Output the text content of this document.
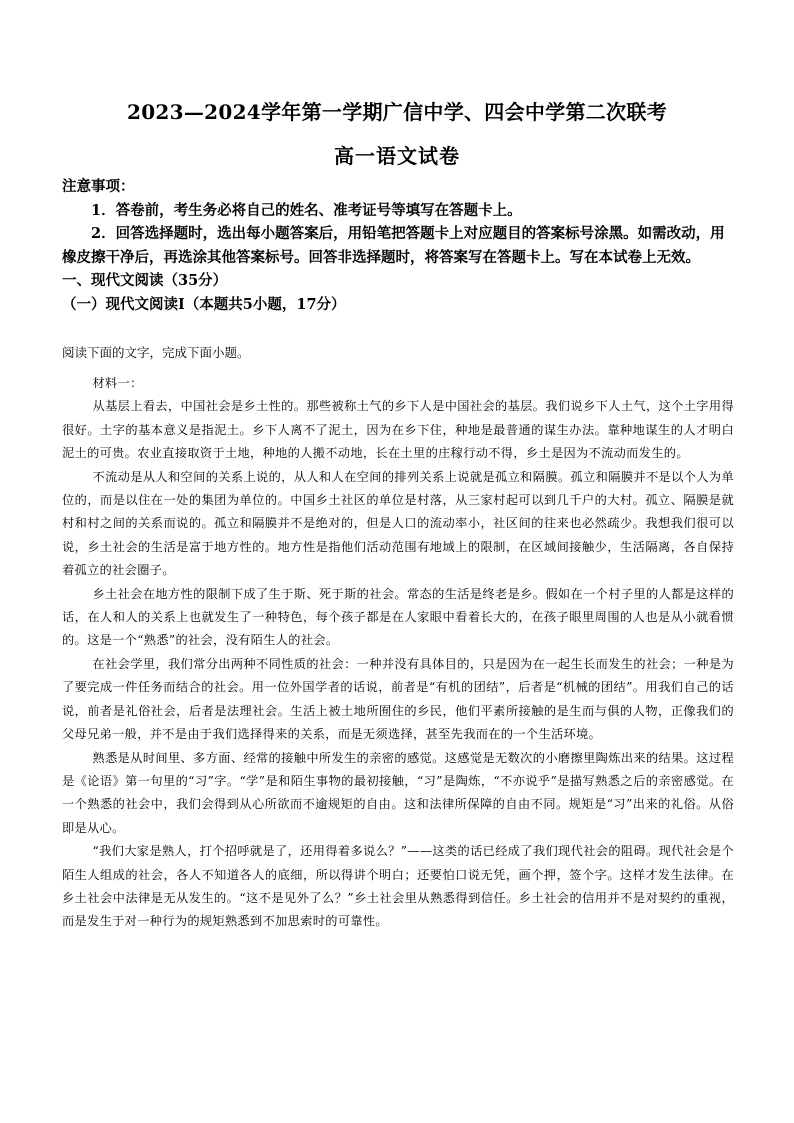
2023—2024学年第一学期广信中学、四会中学第二次联考
高一语文试卷

注意事项：

1．答卷前，考生务必将自己的姓名、准考证号等填写在答题卡上。

2．回答选择题时，选出每小题答案后，用铅笔把答题卡上对应题目的答案标号涂黑。如需改动，用橡皮擦干净后，再选涂其他答案标号。回答非选择题时，将答案写在答题卡上。写在本试卷上无效。

一、现代文阅读（35分）

（一）现代文阅读Ⅰ（本题共5小题，17分）

阅读下面的文字，完成下面小题。

材料一：

从基层上看去，中国社会是乡土性的。那些被称土气的乡下人是中国社会的基层。我们说乡下人土气，这个土字用得很好。土字的基本意义是指泥土。乡下人离不了泥土，因为在乡下住，种地是最普通的谋生办法。靠种地谋生的人才明白泥土的可贵。农业直接取资于土地，种地的人搬不动地，长在土里的庄稼行动不得，乡土是因为不流动而发生的。

不流动是从人和空间的关系上说的，从人和人在空间的排列关系上说就是孤立和隔膜。孤立和隔膜并不是以个人为单位的，而是以住在一处的集团为单位的。中国乡土社区的单位是村落，从三家村起可以到几千户的大村。孤立、隔膜是就村和村之间的关系而说的。孤立和隔膜并不是绝对的，但是人口的流动率小，社区间的往来也必然疏少。我想我们很可以说，乡土社会的生活是富于地方性的。地方性是指他们活动范围有地域上的限制，在区域间接触少，生活隔离，各自保持着孤立的社会圈子。

乡土社会在地方性的限制下成了生于斯、死于斯的社会。常态的生活是终老是乡。假如在一个村子里的人都是这样的话，在人和人的关系上也就发生了一种特色，每个孩子都是在人家眼中看着长大的，在孩子眼里周围的人也是从小就看惯的。这是一个“熟悉”的社会，没有陌生人的社会。

在社会学里，我们常分出两种不同性质的社会：一种并没有具体目的，只是因为在一起生长而发生的社会；一种是为了要完成一件任务而结合的社会。用一位外国学者的话说，前者是“有机的团结”，后者是“机械的团结”。用我们自己的话说，前者是礼俗社会，后者是法理社会。生活上被土地所囿住的乡民，他们平素所接触的是生而与俱的人物，正像我们的父母兄弟一般，并不是由于我们选择得来的关系，而是无须选择，甚至先我而在的一个生活环境。

熟悉是从时间里、多方面、经常的接触中所发生的亲密的感觉。这感觉是无数次的小磨擦里陶炼出来的结果。这过程是《论语》第一句里的“习”字。“学”是和陌生事物的最初接触，“习”是陶炼，“不亦说乎”是描写熟悉之后的亲密感觉。在一个熟悉的社会中，我们会得到从心所欲而不逾规矩的自由。这和法律所保障的自由不同。规矩是“习”出来的礼俗。从俗即是从心。

“我们大家是熟人，打个招呼就是了，还用得着多说么？”——这类的话已经成了我们现代社会的阻碍。现代社会是个陌生人组成的社会，各人不知道各人的底细，所以得讲个明白；还要怕口说无凭，画个押，签个字。这样才发生法律。在乡土社会中法律是无从发生的。“这不是见外了么？”乡土社会里从熟悉得到信任。乡土社会的信用并不是对契约的重视，而是发生于对一种行为的规矩熟悉到不加思索时的可靠性。
